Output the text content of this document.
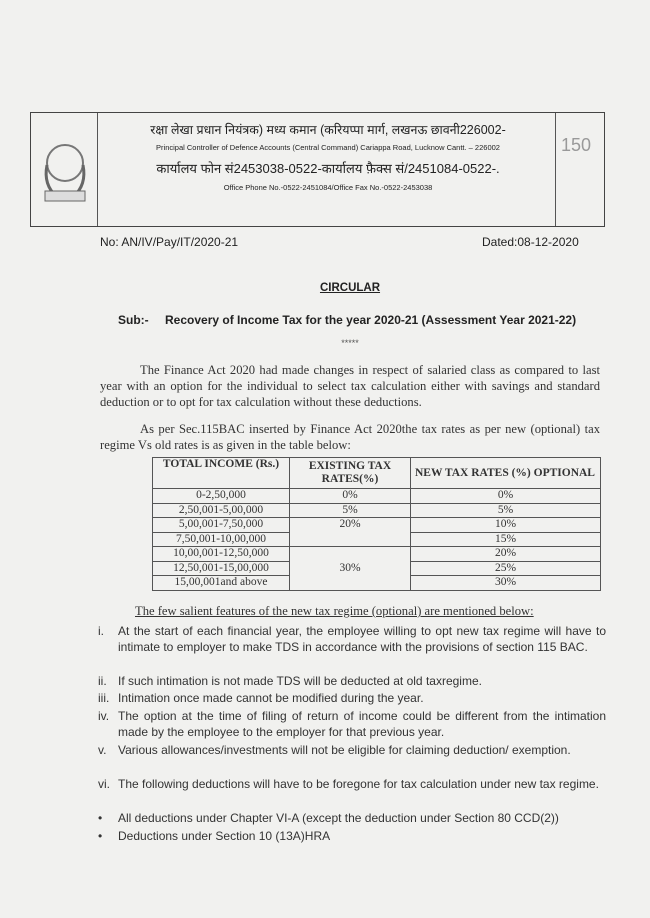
रक्षा लेखा प्रधान नियंत्रक) मध्य कमान (करियप्पा मार्ग, लखनऊ छावनी226002-
Principal Controller of Defence Accounts (Central Command) Cariappa Road, Lucknow Cantt. – 226002
कार्यालय फोन सं2453038-0522-कार्यालय फ़ैक्स सं/2451084-0522-.
Office Phone No.-0522-2451084/Office Fax No.-0522-2453038
150
No: AN/IV/Pay/IT/2020-21	Dated:08-12-2020
CIRCULAR
Sub:- Recovery of Income Tax for the year 2020-21 (Assessment Year 2021-22)
*****
The Finance Act 2020 had made changes in respect of salaried class as compared to last year with an option for the individual to select tax calculation either with savings and standard deduction or to opt for tax calculation without these deductions.
As per Sec.115BAC inserted by Finance Act 2020the tax rates as per new (optional) tax regime Vs old rates is as given in the table below:
TOTAL INCOME (Rs.)	EXISTING TAX RATES(%)	NEW TAX RATES (%) OPTIONAL
0-2,50,000	0%	0%
2,50,001-5,00,000	5%	5%
5,00,001-7,50,000	20%	10%
7,50,001-10,00,000		15%
10,00,001-12,50,000	30%	20%
12,50,001-15,00,000		25%
15,00,001and above		30%
The few salient features of the new tax regime (optional) are mentioned below:
i. At the start of each financial year, the employee willing to opt new tax regime will have to intimate to employer to make TDS in accordance with the provisions of section 115 BAC.
ii. If such intimation is not made TDS will be deducted at old taxregime.
iii. Intimation once made cannot be modified during the year.
iv. The option at the time of filing of return of income could be different from the intimation made by the employee to the employer for that previous year.
v. Various allowances/investments will not be eligible for claiming deduction/ exemption.
vi. The following deductions will have to be foregone for tax calculation under new tax regime.
• All deductions under Chapter VI-A (except the deduction under Section 80 CCD(2))
• Deductions under Section 10 (13A)HRA
